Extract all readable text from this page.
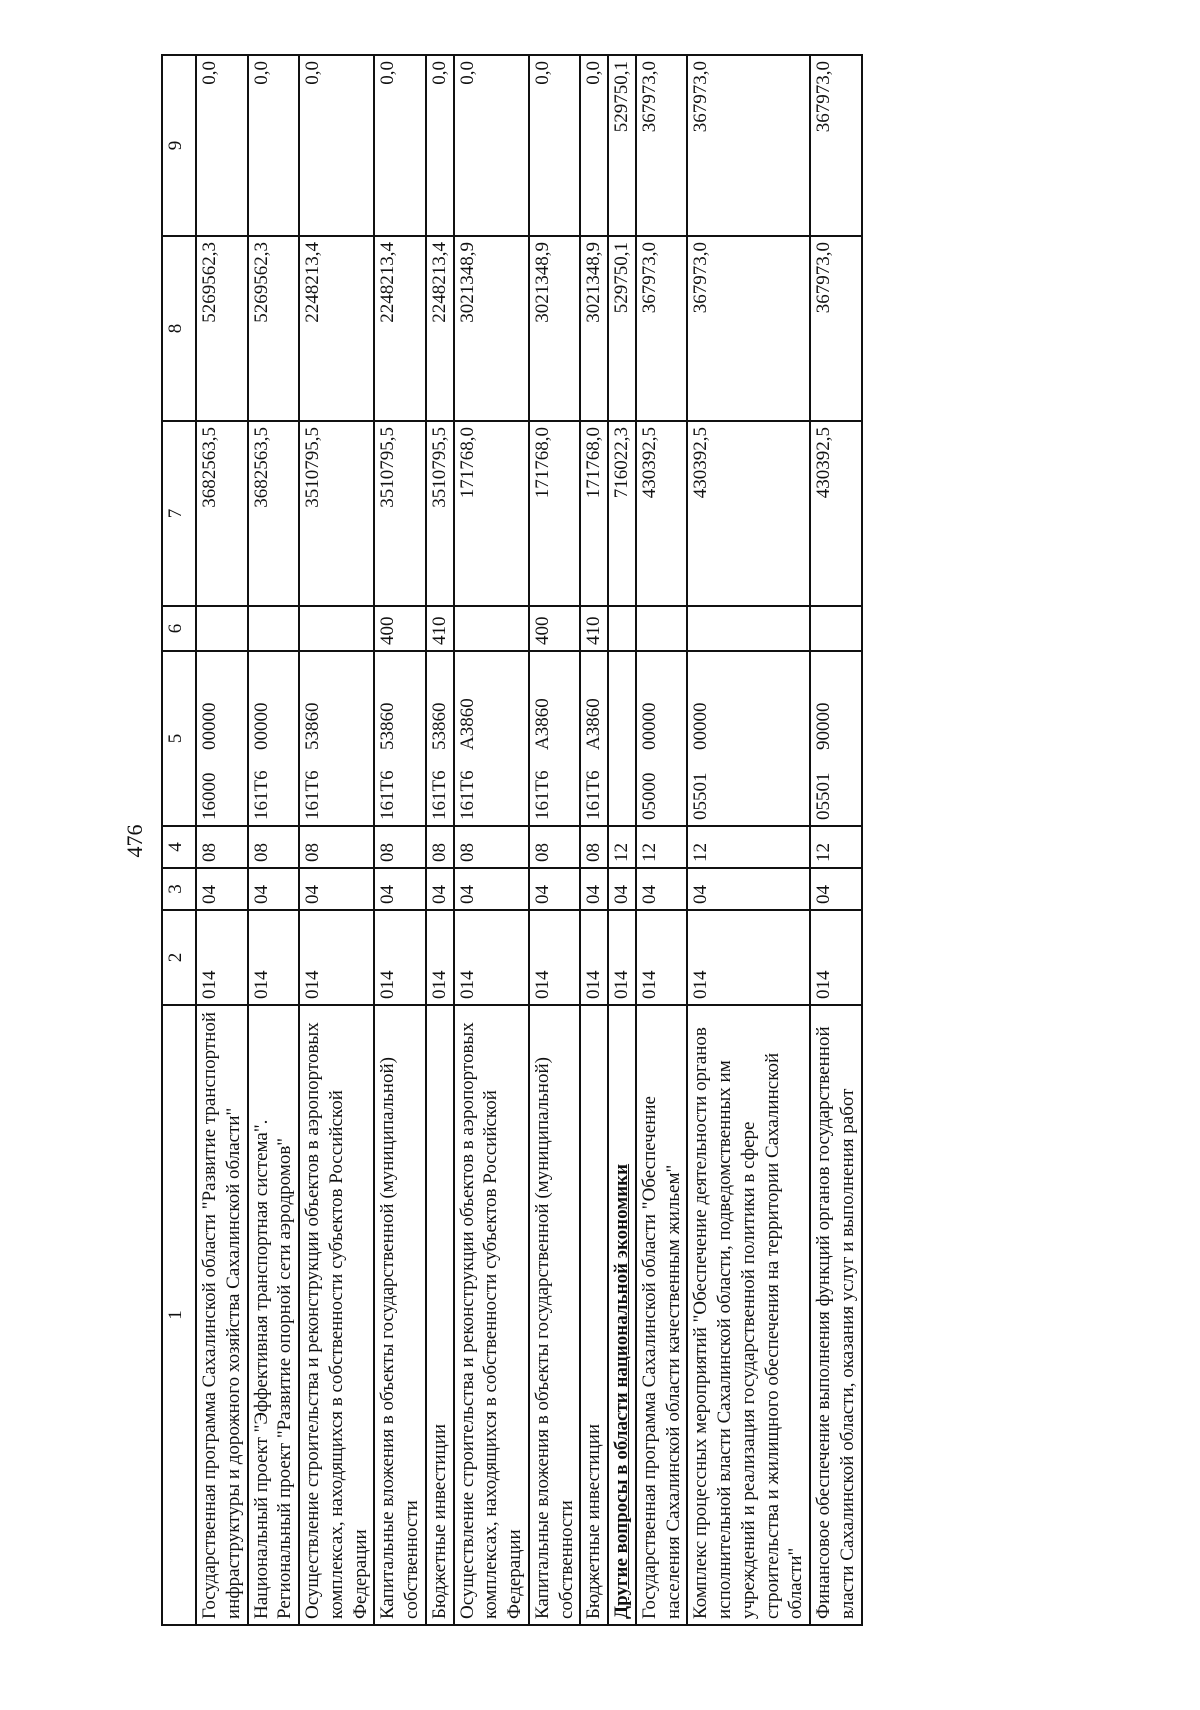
476
1	2	3	4	5	6	7	8	9
Государственная программа Сахалинской области "Развитие транспортной инфраструктуры и дорожного хозяйства Сахалинской области"	014	04	08	1600000000		3682563,5	5269562,3	0,0
Национальный проект "Эффективная транспортная система". Региональный проект "Развитие опорной сети аэродромов"	014	04	08	161Т600000		3682563,5	5269562,3	0,0
Осуществление строительства и реконструкции объектов в аэропортовых комплексах, находящихся в собственности субъектов Российской Федерации	014	04	08	161Т653860		3510795,5	2248213,4	0,0
Капитальные вложения в объекты государственной (муниципальной) собственности	014	04	08	161Т653860	400	3510795,5	2248213,4	0,0
Бюджетные инвестиции	014	04	08	161Т653860	410	3510795,5	2248213,4	0,0
Осуществление строительства и реконструкции объектов в аэропортовых комплексах, находящихся в собственности субъектов Российской Федерации	014	04	08	161Т6А3860		171768,0	3021348,9	0,0
Капитальные вложения в объекты государственной (муниципальной) собственности	014	04	08	161Т6А3860	400	171768,0	3021348,9	0,0
Бюджетные инвестиции	014	04	08	161Т6А3860	410	171768,0	3021348,9	0,0
Другие вопросы в области национальной экономики	014	04	12			716022,3	529750,1	529750,1
Государственная программа Сахалинской области "Обеспечение населения Сахалинской области качественным жильем"	014	04	12	0500000000		430392,5	367973,0	367973,0
Комплекс процессных мероприятий "Обеспечение деятельности органов исполнительной власти Сахалинской области, подведомственных им учреждений и реализация государственной политики в сфере строительства и жилищного обеспечения на территории Сахалинской области"	014	04	12	0550100000		430392,5	367973,0	367973,0
Финансовое обеспечение выполнения функций органов государственной власти Сахалинской области, оказания услуг и выполнения работ	014	04	12	0550190000		430392,5	367973,0	367973,0
